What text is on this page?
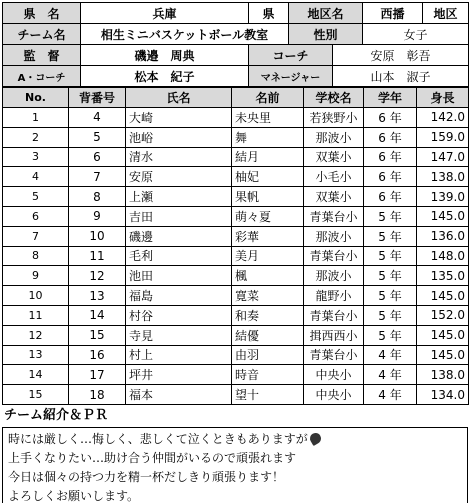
県　名	兵庫	県	地区名		西播	地区
チーム名	相生ミニバスケットボール教室		性別		女子	
監　督	磯邉　周典	コーチ		安原　彰吾		
A・コーチ	松本　紀子	マネージャー		山本　淑子		
No.	背番号	氏名	名前	学校名	学年	身長
1	4	大崎	未央里	若狭野小	6 年	142.0
2	5	池峪	舞	那波小	6 年	159.0
3	6	清水	結月	双葉小	6 年	147.0
4	7	安原	柚妃	小毛小	6 年	138.0
5	8	上瀬	果帆	双葉小	6 年	139.0
6	9	吉田	萌々夏	青葉台小	5 年	145.0
7	10	磯邊	彩華	那波小	5 年	136.0
8	11	毛利	美月	青葉台小	5 年	148.0
9	12	池田	楓	那波小	5 年	135.0
10	13	福島	寛菜	龍野小	5 年	145.0
11	14	村谷	和奏	青葉台小	5 年	152.0
12	15	寺見	結優	揖西西小	5 年	145.0
13	16	村上	由羽	青葉台小	4 年	145.0
14	17	坪井	時音	中央小	4 年	138.0
15	18	福本	望十	中央小	4 年	134.0
チーム紹介＆ＰＲ
時には厳しく…悔しく、悲しくて泣くときもありますが
上手くなりたい…助け合う仲間がいるので頑張れます
今日は個々の持つ力を精一杯だしきり頑張ります！
よろしくお願いします。
